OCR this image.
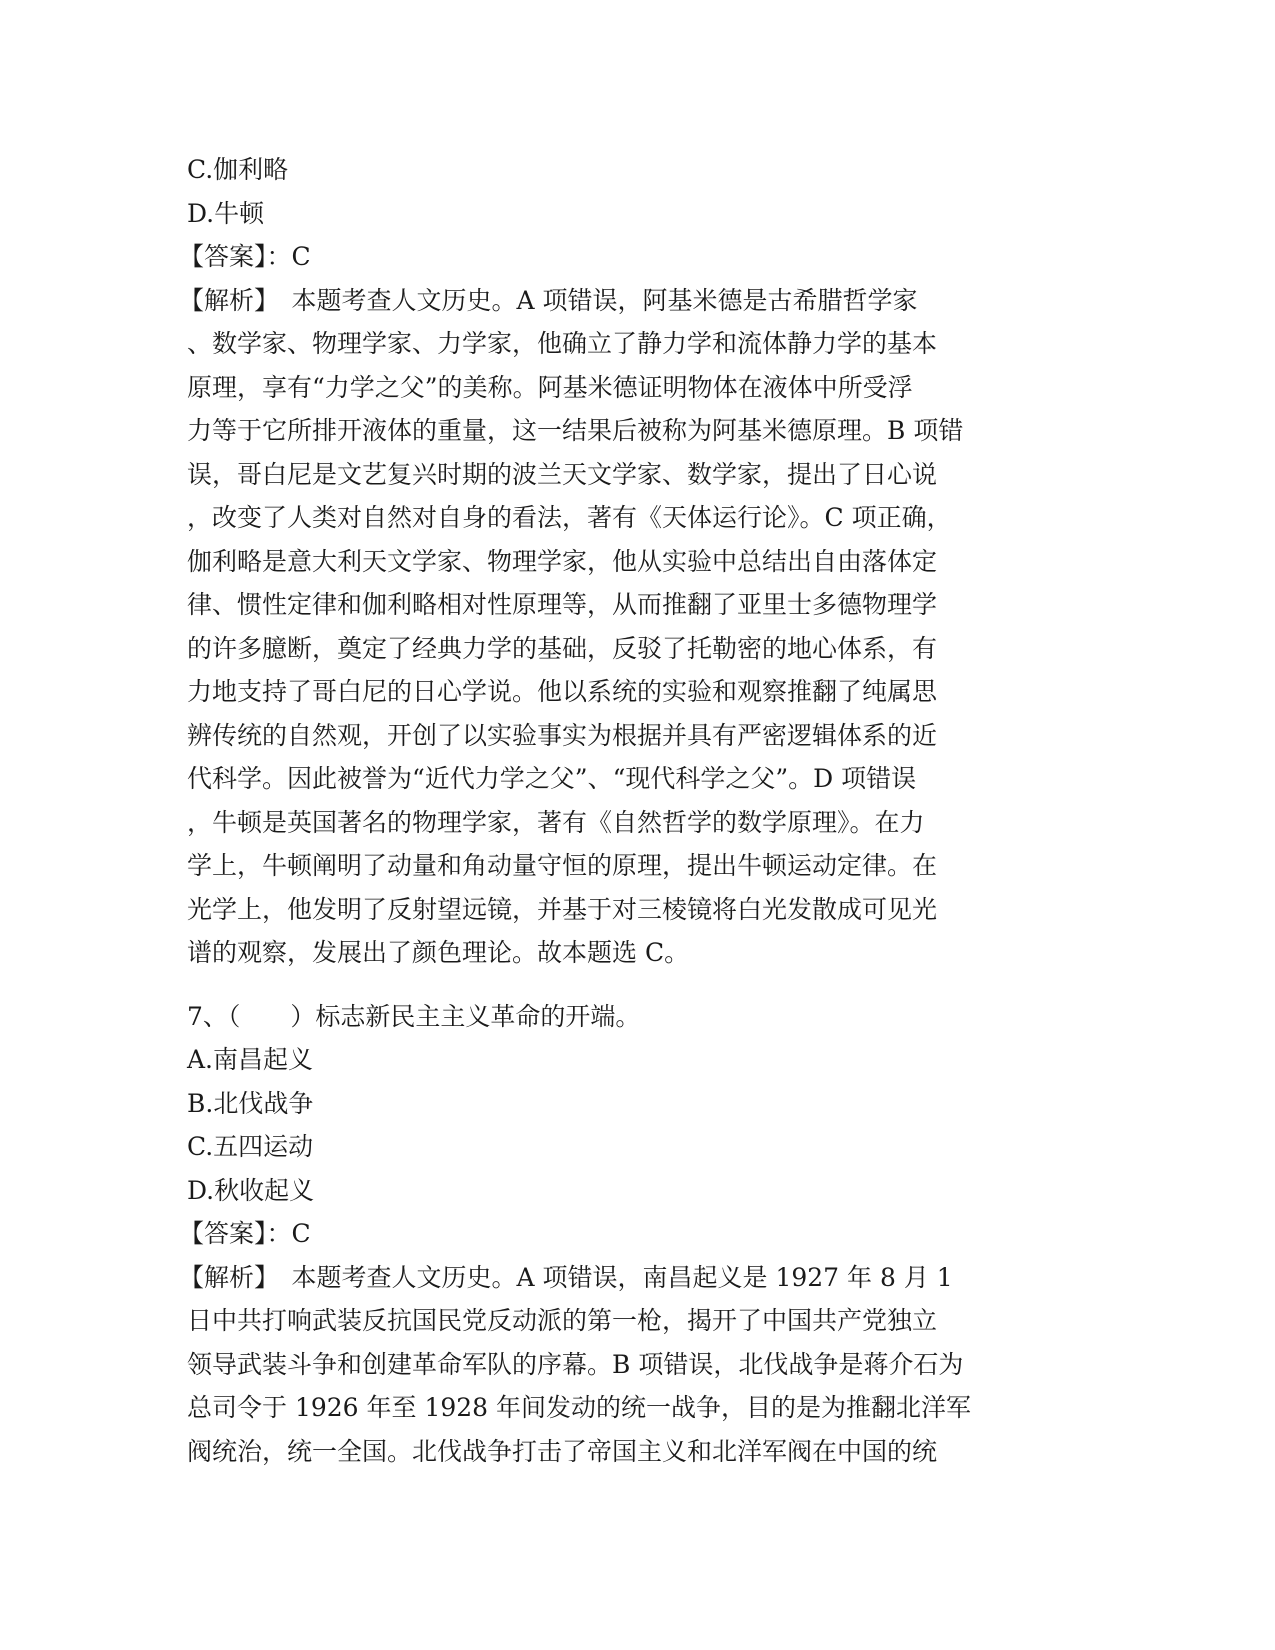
C.伽利略
D.牛顿
【答案】：C
【解析】　本题考查人文历史。A 项错误，阿基米德是古希腊哲学家
、数学家、物理学家、力学家，他确立了静力学和流体静力学的基本
原理，享有“力学之父”的美称。阿基米德证明物体在液体中所受浮
力等于它所排开液体的重量，这一结果后被称为阿基米德原理。B 项错
误，哥白尼是文艺复兴时期的波兰天文学家、数学家，提出了日心说
，改变了人类对自然对自身的看法，著有《天体运行论》。C 项正确，
伽利略是意大利天文学家、物理学家，他从实验中总结出自由落体定
律、惯性定律和伽利略相对性原理等，从而推翻了亚里士多德物理学
的许多臆断，奠定了经典力学的基础，反驳了托勒密的地心体系，有
力地支持了哥白尼的日心学说。他以系统的实验和观察推翻了纯属思
辨传统的自然观，开创了以实验事实为根据并具有严密逻辑体系的近
代科学。因此被誉为“近代力学之父”、“现代科学之父”。D 项错误
，牛顿是英国著名的物理学家，著有《自然哲学的数学原理》。在力
学上，牛顿阐明了动量和角动量守恒的原理，提出牛顿运动定律。在
光学上，他发明了反射望远镜，并基于对三棱镜将白光发散成可见光
谱的观察，发展出了颜色理论。故本题选 C。
7、（　　）标志新民主主义革命的开端。
A.南昌起义
B.北伐战争
C.五四运动
D.秋收起义
【答案】：C
【解析】　本题考查人文历史。A 项错误，南昌起义是 1927 年 8 月 1
日中共打响武装反抗国民党反动派的第一枪，揭开了中国共产党独立
领导武装斗争和创建革命军队的序幕。B 项错误，北伐战争是蒋介石为
总司令于 1926 年至 1928 年间发动的统一战争，目的是为推翻北洋军
阀统治，统一全国。北伐战争打击了帝国主义和北洋军阀在中国的统
